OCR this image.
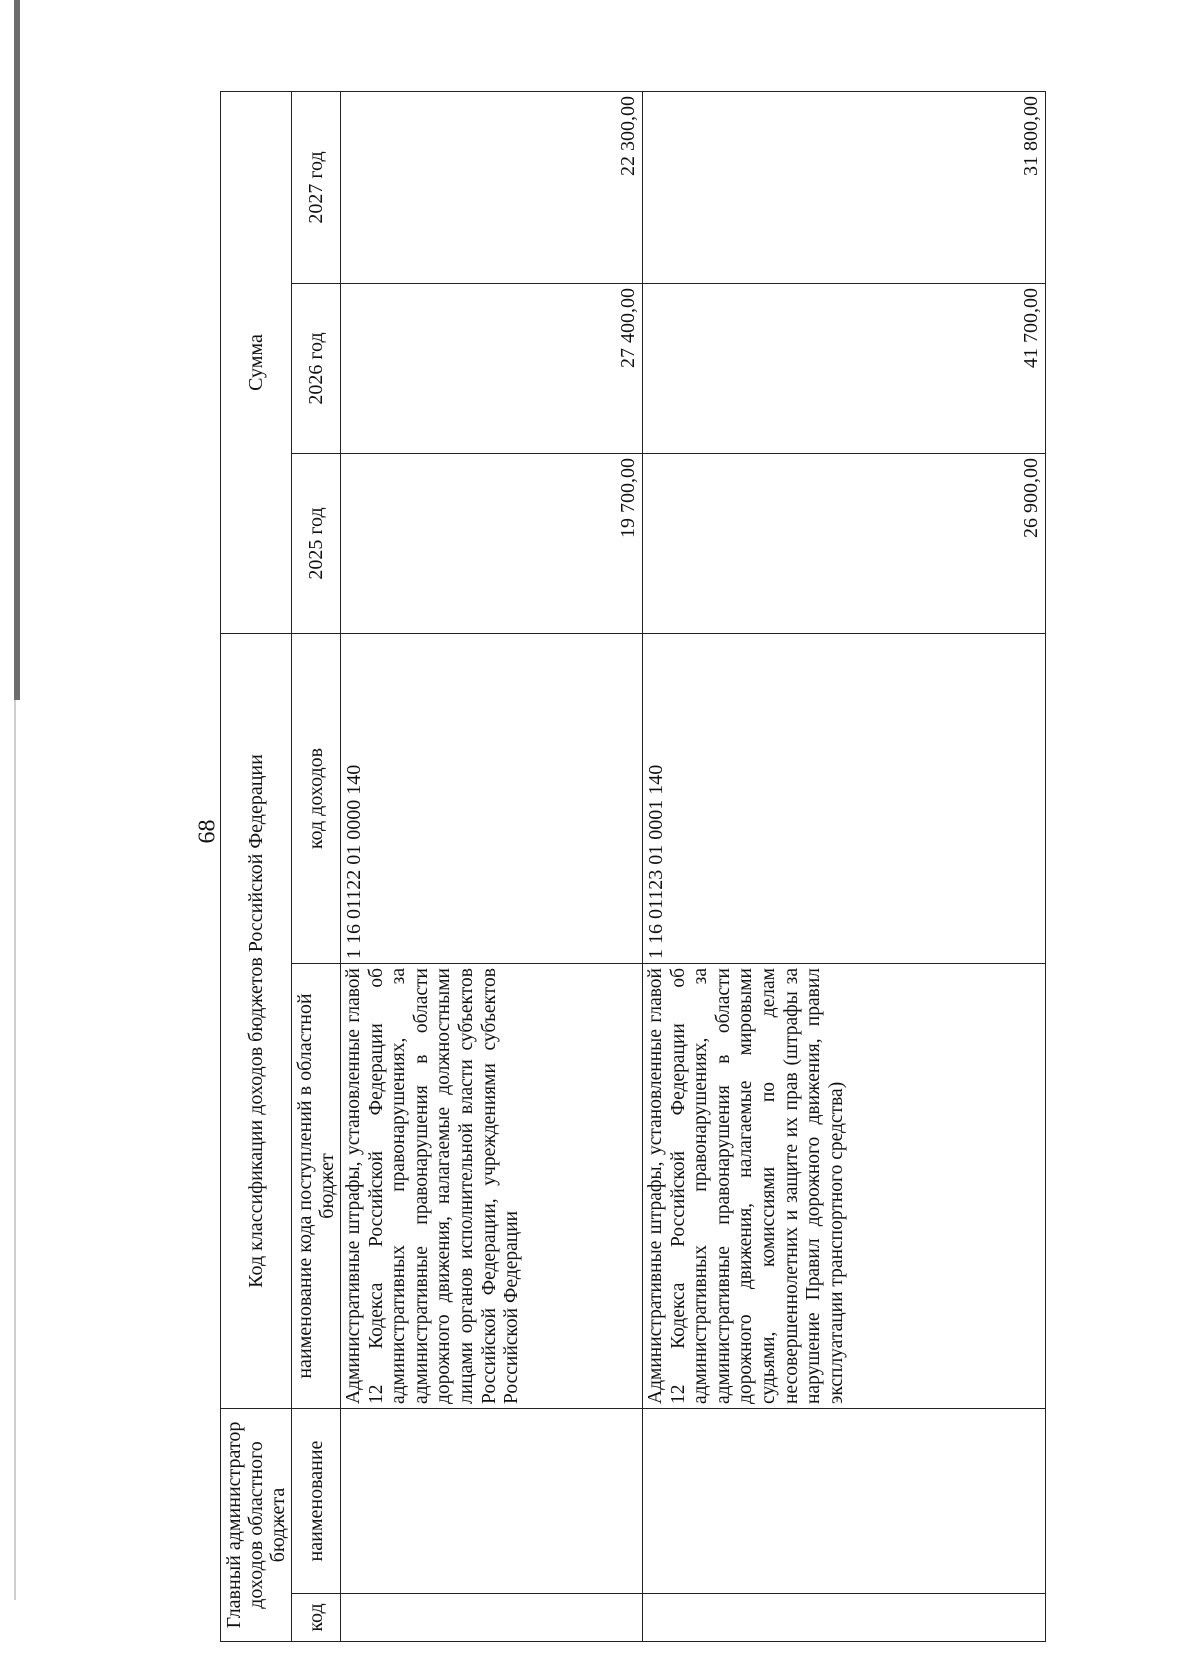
68
Главный администратор доходов областного бюджета		Код классификации доходов бюджетов Российской Федерации		Сумма		
код	наименование	наименование кода поступлений в областной бюджет	код доходов	2025 год	2026 год	2027 год
		Административные штрафы, установленные главой 12 Кодекса Российской Федерации об административных правонарушениях, за административные правонарушения в области дорожного движения, налагаемые должностными лицами органов исполнительной власти субъектов Российской Федерации, учреждениями субъектов Российской Федерации	1 16 01122 01 0000 140	19 700,00	27 400,00	22 300,00
		Административные штрафы, установленные главой 12 Кодекса Российской Федерации об административных правонарушениях, за административные правонарушения в области дорожного движения, налагаемые мировыми судьями, комиссиями по делам несовершеннолетних и защите их прав (штрафы за нарушение Правил дорожного движения, правил эксплуатации транспортного средства)	1 16 01123 01 0001 140	26 900,00	41 700,00	31 800,00
